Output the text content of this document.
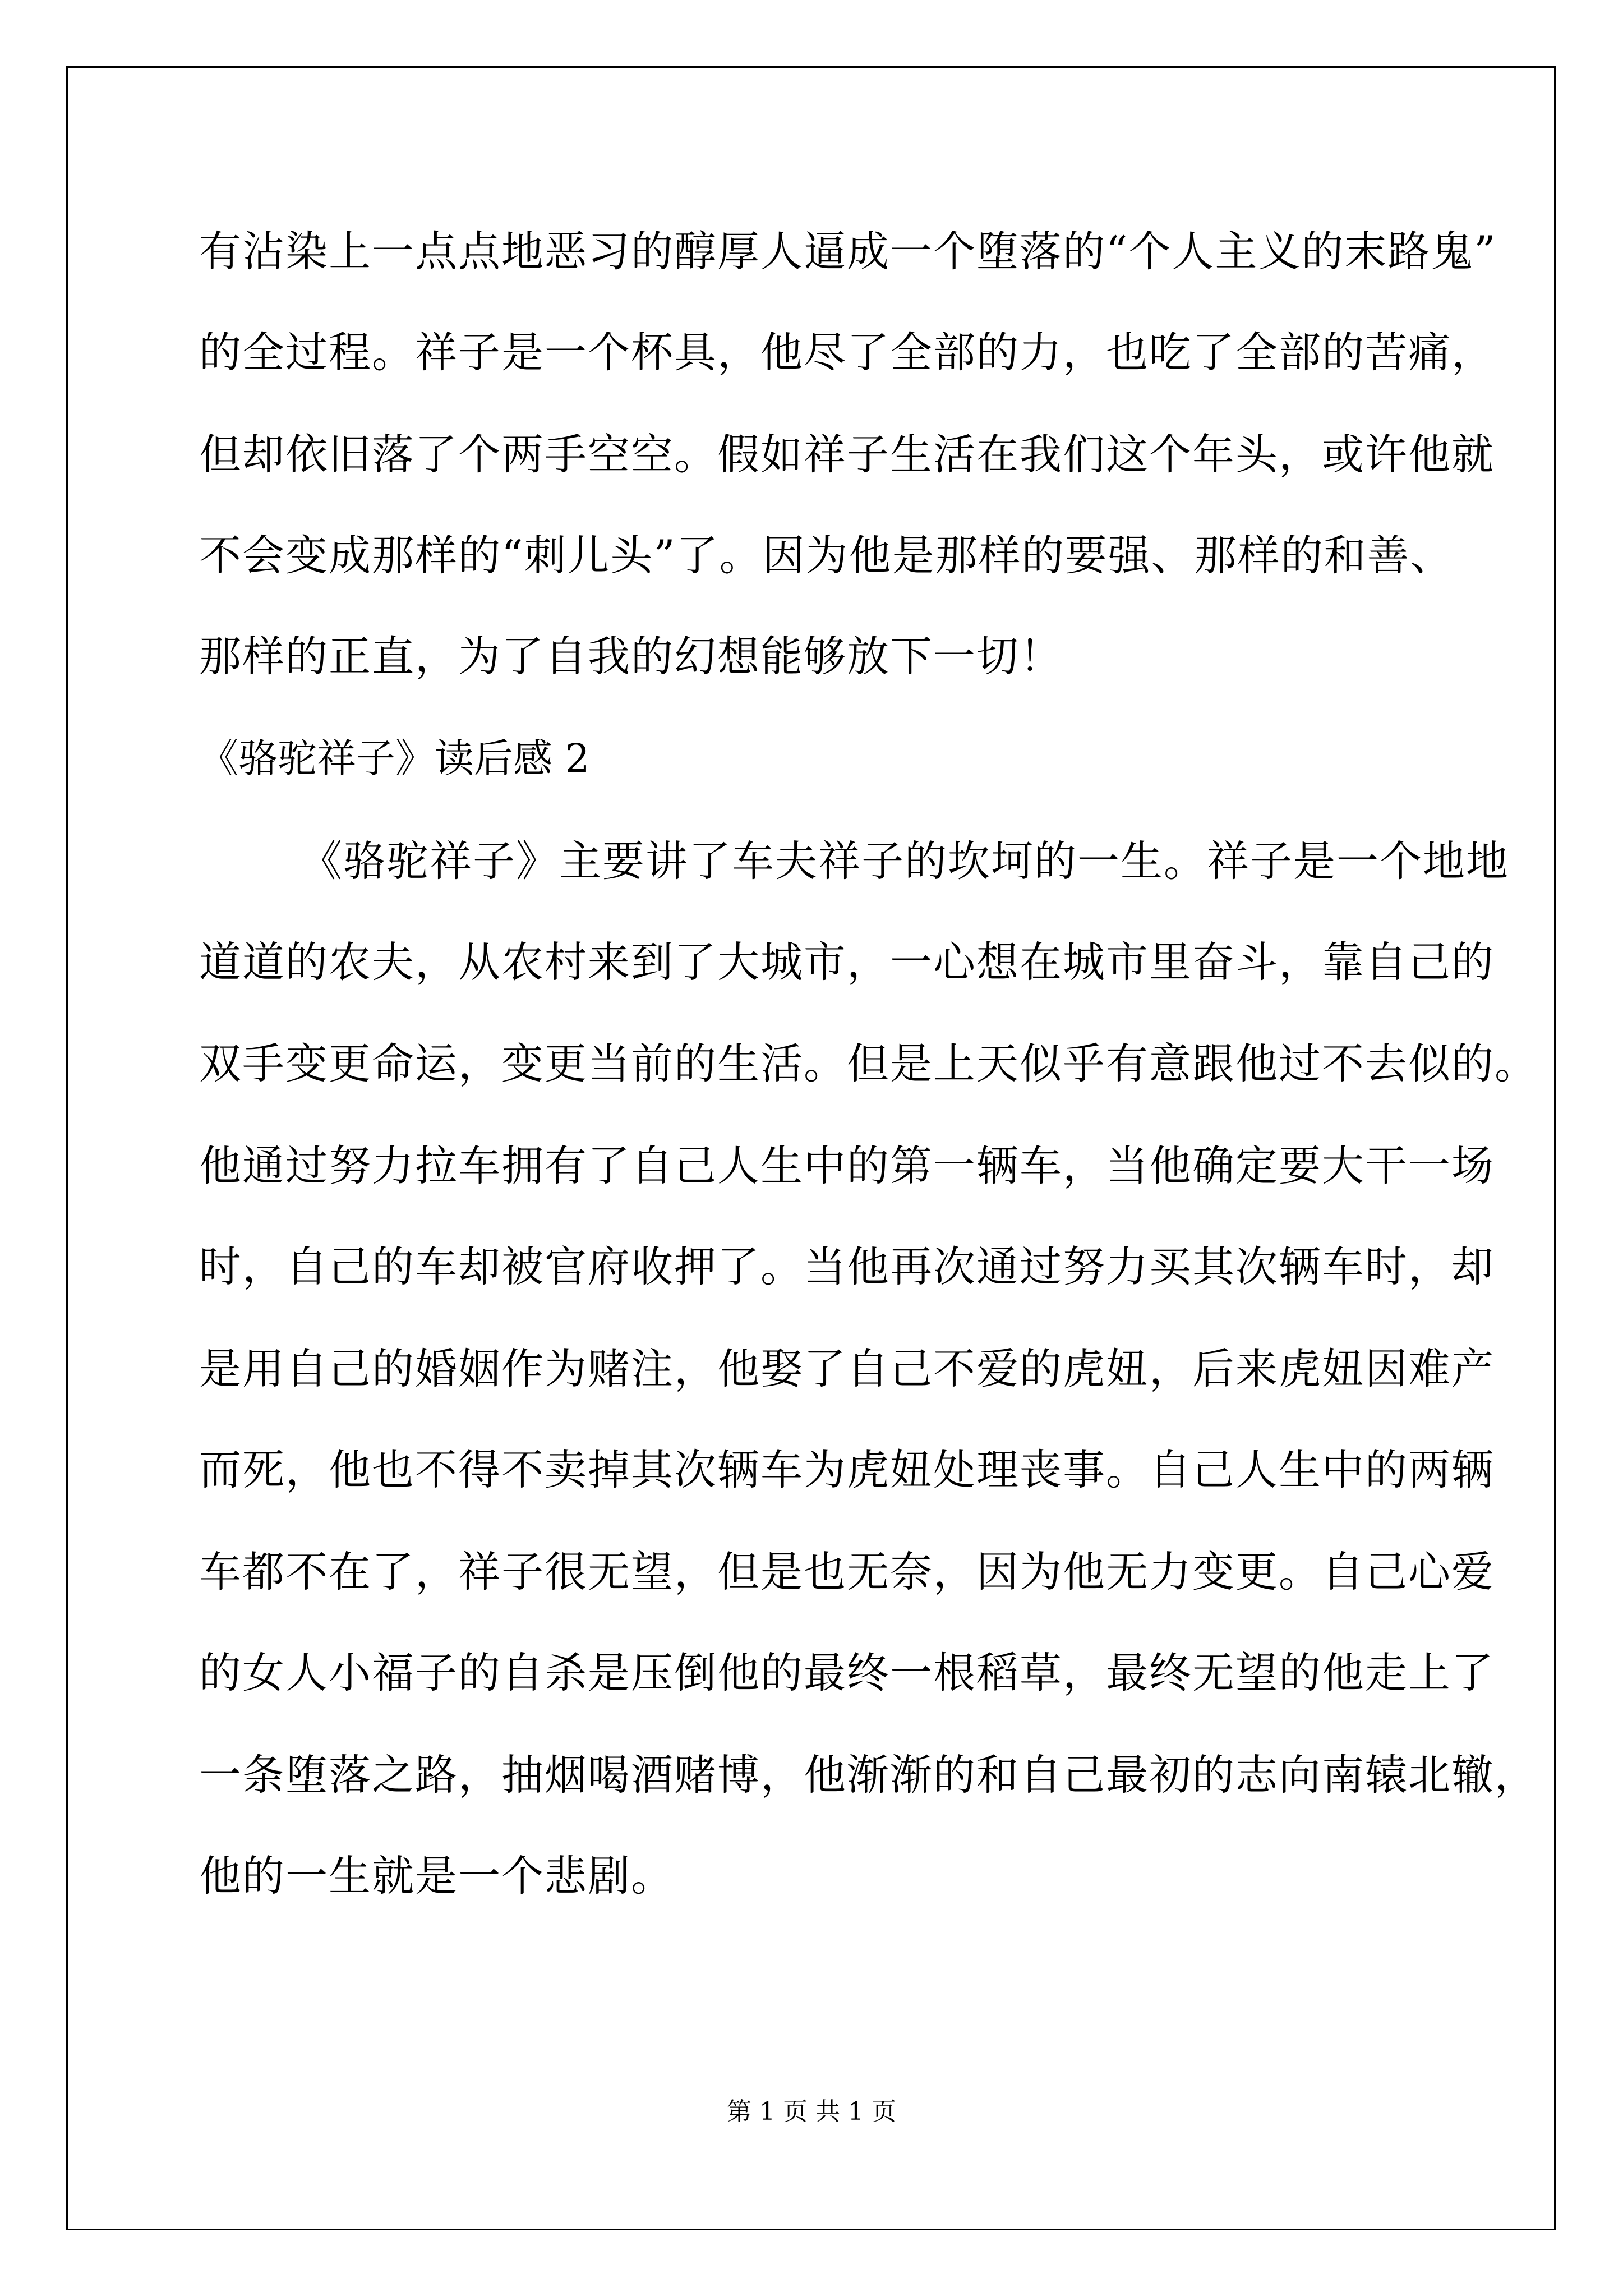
有沾染上一点点地恶习的醇厚人逼成一个堕落的“个人主义的末路鬼”
的全过程。祥子是一个杯具，他尽了全部的力，也吃了全部的苦痛，
但却依旧落了个两手空空。假如祥子生活在我们这个年头，或许他就
不会变成那样的“刺儿头”了。因为他是那样的要强、那样的和善、
那样的正直，为了自我的幻想能够放下一切！
《骆驼祥子》读后感 2
《骆驼祥子》主要讲了车夫祥子的坎坷的一生。祥子是一个地地
道道的农夫，从农村来到了大城市，一心想在城市里奋斗，靠自己的
双手变更命运，变更当前的生活。但是上天似乎有意跟他过不去似的。
他通过努力拉车拥有了自己人生中的第一辆车，当他确定要大干一场
时，自己的车却被官府收押了。当他再次通过努力买其次辆车时，却
是用自己的婚姻作为赌注，他娶了自己不爱的虎妞，后来虎妞因难产
而死，他也不得不卖掉其次辆车为虎妞处理丧事。自己人生中的两辆
车都不在了，祥子很无望，但是也无奈，因为他无力变更。自己心爱
的女人小福子的自杀是压倒他的最终一根稻草，最终无望的他走上了
一条堕落之路，抽烟喝酒赌博，他渐渐的和自己最初的志向南辕北辙，
他的一生就是一个悲剧。
第 1 页 共 1 页
